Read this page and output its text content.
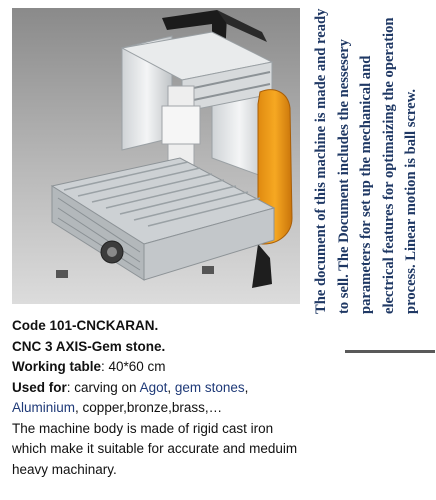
The document of this machine is made and ready to sell. The Document includes the nessesery parameters for set up the mechanical and electrical features for optimaizing the operation process. Linear motion is ball screw.
Code 101-CNCKARAN.
CNC 3 AXIS-Gem stone.
Working table: 40*60 cm
Used for: carving on Agot, gem stones,
Aluminium, copper,bronze,brass,…
The machine body is made of rigid cast iron
which make it suitable for accurate and meduim
heavy machinary.
